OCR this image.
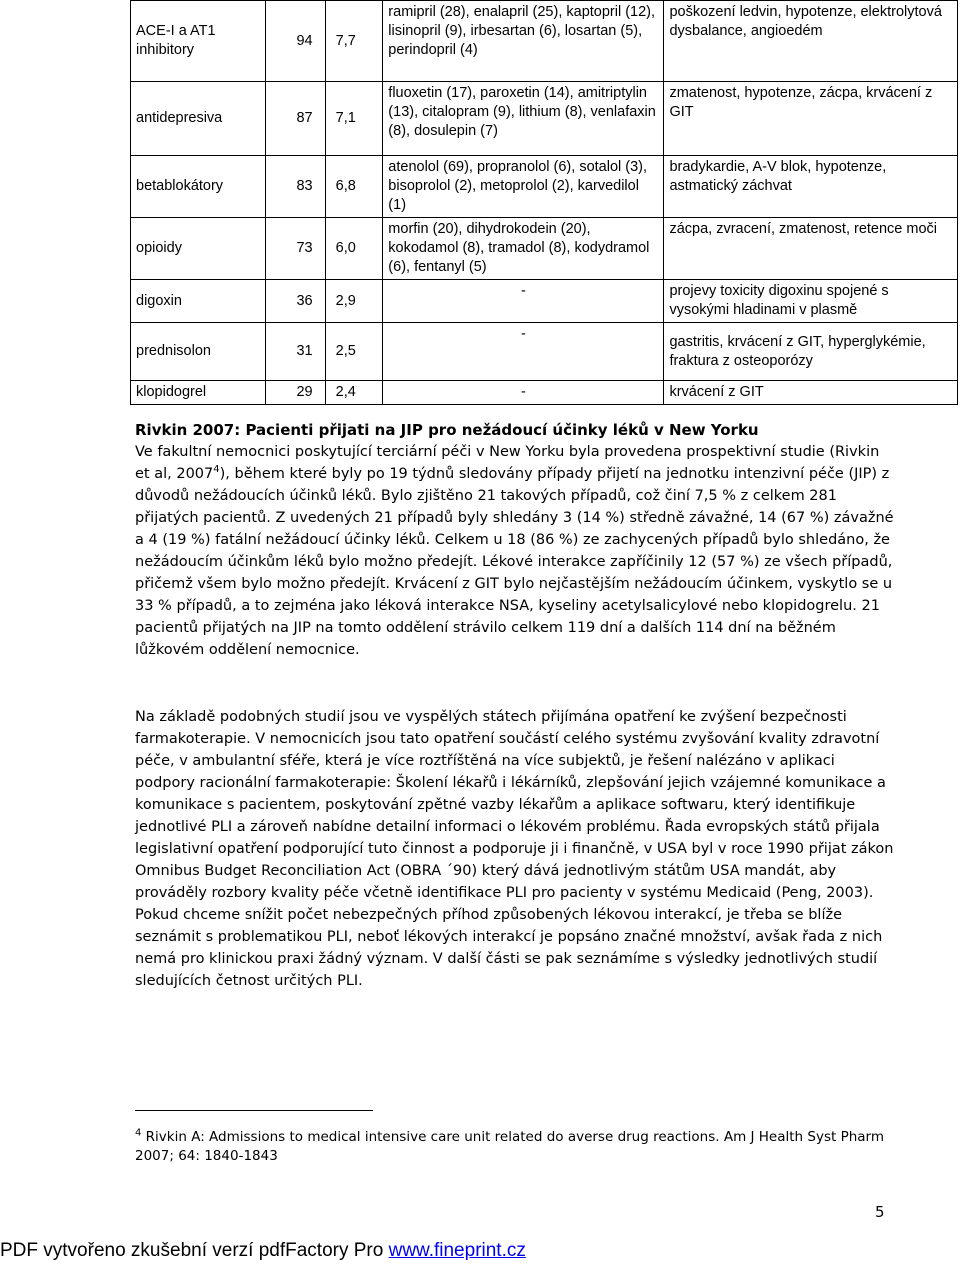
ACE-I a AT1 inhibitory	94	7,7	ramipril (28), enalapril (25), kaptopril (12), lisinopril (9), irbesartan (6), losartan (5), perindopril (4)	poškození ledvin, hypotenze, elektrolytová dysbalance, angioedém
antidepresiva	87	7,1	fluoxetin (17), paroxetin (14), amitriptylin (13), citalopram (9), lithium (8), venlafaxin (8), dosulepin (7)	zmatenost, hypotenze, zácpa, krvácení z GIT
betablokátory	83	6,8	atenolol (69), propranolol (6), sotalol (3), bisoprolol (2), metoprolol (2), karvedilol (1)	bradykardie, A-V blok, hypotenze, astmatický záchvat
opioidy	73	6,0	morfin (20), dihydrokodein (20), kokodamol (8), tramadol (8), kodydramol (6), fentanyl (5)	zácpa, zvracení, zmatenost, retence moči
digoxin	36	2,9	-	projevy toxicity digoxinu spojené s vysokými hladinami v plasmě
prednisolon	31	2,5	-	gastritis, krvácení z GIT, hyperglykémie, fraktura z osteoporózy
klopidogrel	29	2,4	-	krvácení z GIT
Rivkin 2007: Pacienti přijati na JIP pro nežádoucí účinky léků v New Yorku

Ve fakultní nemocnici poskytující terciární péči v New Yorku byla provedena prospektivní studie (Rivkin et al, 2007$^4$), během které byly po 19 týdnů sledovány případy přijetí na jednotku intenzivní péče (JIP) z důvodů nežádoucích účinků léků. Bylo zjištěno 21 takových případů, což činí 7,5 % z celkem 281 přijatých pacientů. Z uvedených 21 případů byly shledány 3 (14 %) středně závažné, 14 (67 %) závažné a 4 (19 %) fatální nežádoucí účinky léků. Celkem u 18 (86 %) ze zachycených případů bylo shledáno, že nežádoucím účinkům léků bylo možno předejít. Lékové interakce zapříčinily 12 (57 %) ze všech případů, přičemž všem bylo možno předejít. Krvácení z GIT bylo nejčastějším nežádoucím účinkem, vyskytlo se u 33 % případů, a to zejména jako léková interakce NSA, kyseliny acetylsalicylové nebo klopidogrelu. 21 pacientů přijatých na JIP na tomto oddělení strávilo celkem 119 dní a dalších 114 dní na běžném lůžkovém oddělení nemocnice.

Na základě podobných studií jsou ve vyspělých státech přijímána opatření ke zvýšení bezpečnosti farmakoterapie. V nemocnicích jsou tato opatření součástí celého systému zvyšování kvality zdravotní péče, v ambulantní sféře, která je více roztříštěná na více subjektů, je řešení nalézáno v aplikaci podpory racionální farmakoterapie: Školení lékařů i lékárníků, zlepšování jejich vzájemné komunikace a komunikace s pacientem, poskytování zpětné vazby lékařům a aplikace softwaru, který identifikuje jednotlivé PLI a zároveň nabídne detailní informaci o lékovém problému. Řada evropských států přijala legislativní opatření podporující tuto činnost a podporuje ji i finančně, v USA byl v roce 1990 přijat zákon Omnibus Budget Reconciliation Act (OBRA ´90) který dává jednotlivým státům USA mandát, aby prováděly rozbory kvality péče včetně identifikace PLI pro pacienty v systému Medicaid (Peng, 2003). Pokud chceme snížit počet nebezpečných příhod způsobených lékovou interakcí, je třeba se blíže seznámit s problematikou PLI, neboť lékových interakcí je popsáno značné množství, avšak řada z nich nemá pro klinickou praxi žádný význam. V další části se pak seznámíme s výsledky jednotlivých studií sledujících četnost určitých PLI.

$^4$ Rivkin A: Admissions to medical intensive care unit related do averse drug reactions. Am J Health Syst Pharm 2007; 64: 1840-1843
5
PDF vytvořeno zkušební verzí pdfFactory Pro www.fineprint.cz
